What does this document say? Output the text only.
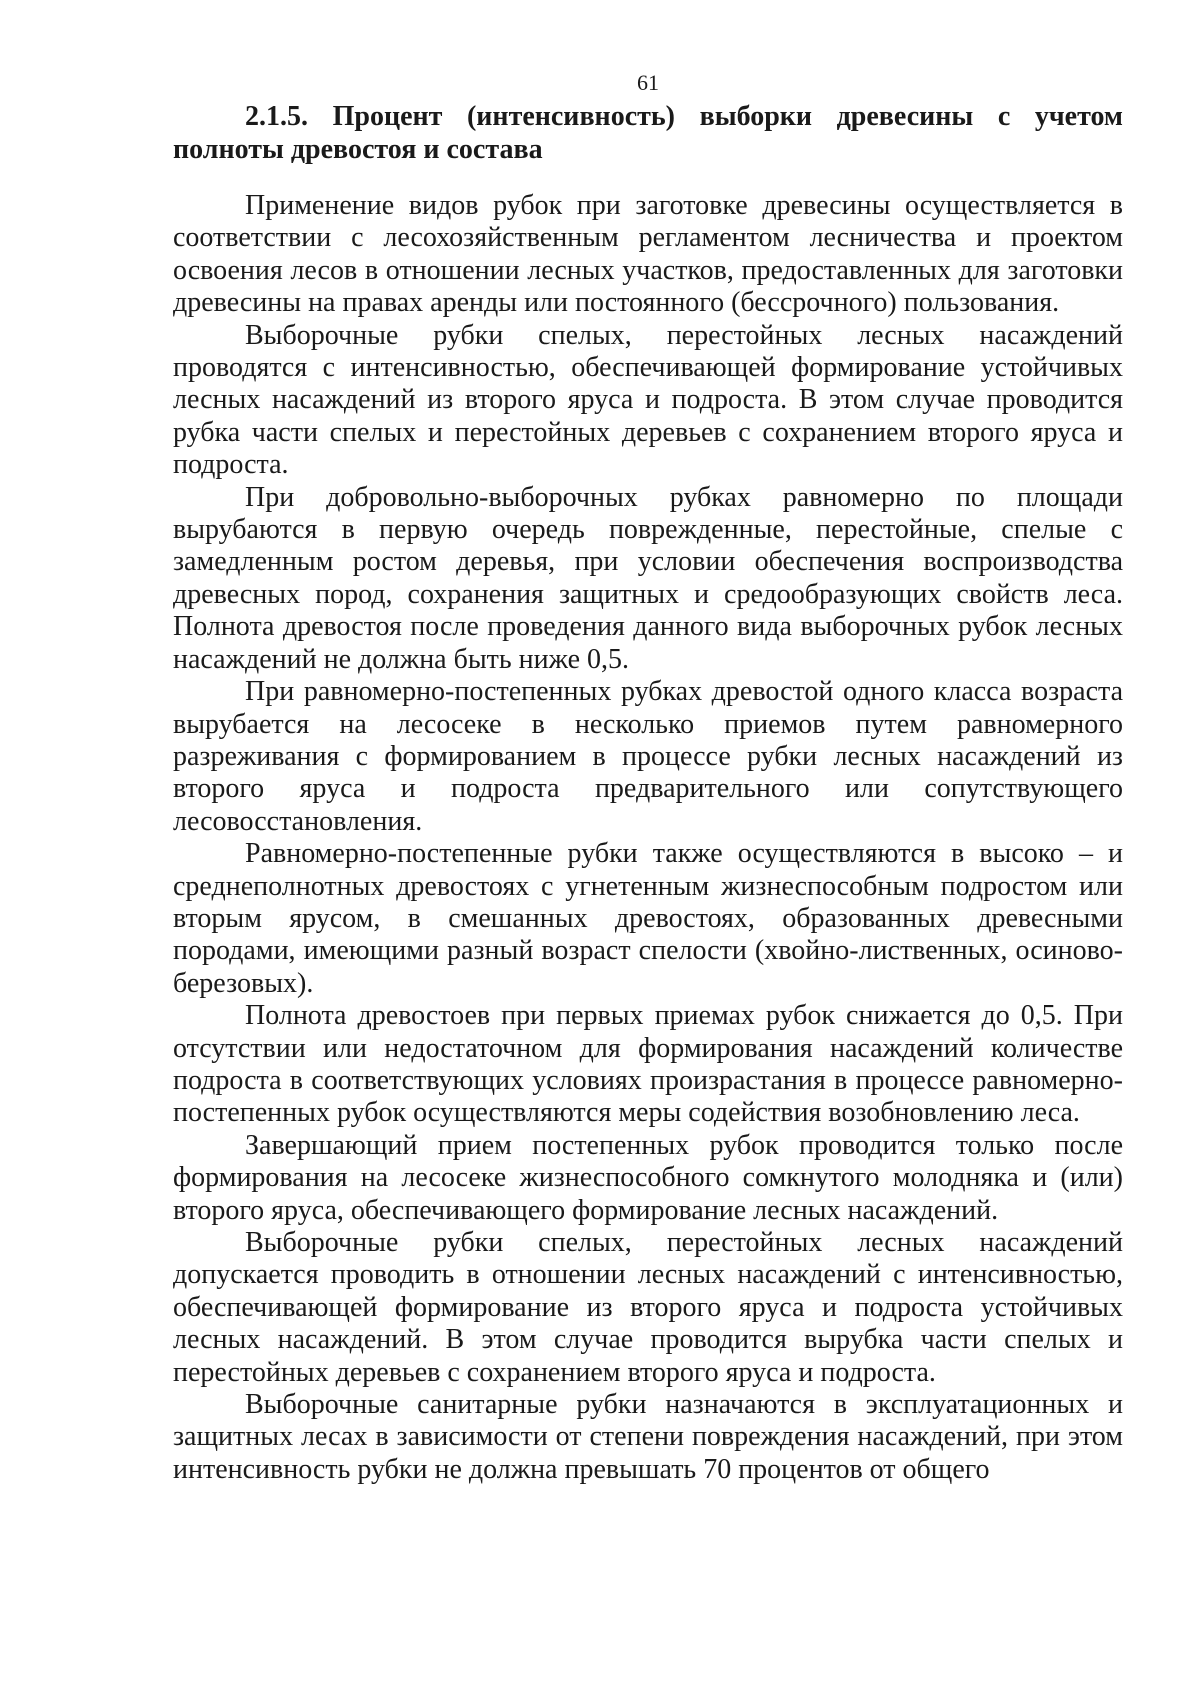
61
2.1.5. Процент (интенсивность) выборки древесины с учетом полноты древостоя и состава

Применение видов рубок при заготовке древесины осуществляется в соответствии с лесохозяйственным регламентом лесничества и проектом освоения лесов в отношении лесных участков, предоставленных для заготовки древесины на правах аренды или постоянного (бессрочного) пользования.

Выборочные рубки спелых, перестойных лесных насаждений проводятся с интенсивностью, обеспечивающей формирование устойчивых лесных насаждений из второго яруса и подроста. В этом случае проводится рубка части спелых и перестойных деревьев с сохранением второго яруса и подроста.

При добровольно-выборочных рубках равномерно по площади вырубаются в первую очередь поврежденные, перестойные, спелые с замедленным ростом деревья, при условии обеспечения воспроизводства древесных пород, сохранения защитных и средообразующих свойств леса. Полнота древостоя после проведения данного вида выборочных рубок лесных насаждений не должна быть ниже 0,5.

При равномерно-постепенных рубках древостой одного класса возраста вырубается на лесосеке в несколько приемов путем равномерного разреживания с формированием в процессе рубки лесных насаждений из второго яруса и подроста предварительного или сопутствующего лесовосстановления.

Равномерно-постепенные рубки также осуществляются в высоко – и среднеполнотных древостоях с угнетенным жизнеспособным подростом или вторым ярусом, в смешанных древостоях, образованных древесными породами, имеющими разный возраст спелости (хвойно-лиственных, осиново-березовых).

Полнота древостоев при первых приемах рубок снижается до 0,5. При отсутствии или недостаточном для формирования насаждений количестве подроста в соответствующих условиях произрастания в процессе равномерно-постепенных рубок осуществляются меры содействия возобновлению леса.

Завершающий прием постепенных рубок проводится только после формирования на лесосеке жизнеспособного сомкнутого молодняка и (или) второго яруса, обеспечивающего формирование лесных насаждений.

Выборочные рубки спелых, перестойных лесных насаждений допускается проводить в отношении лесных насаждений с интенсивностью, обеспечивающей формирование из второго яруса и подроста устойчивых лесных насаждений. В этом случае проводится вырубка части спелых и перестойных деревьев с сохранением второго яруса и подроста.

Выборочные санитарные рубки назначаются в эксплуатационных и защитных лесах в зависимости от степени повреждения насаждений, при этом интенсивность рубки не должна превышать 70 процентов от общего
